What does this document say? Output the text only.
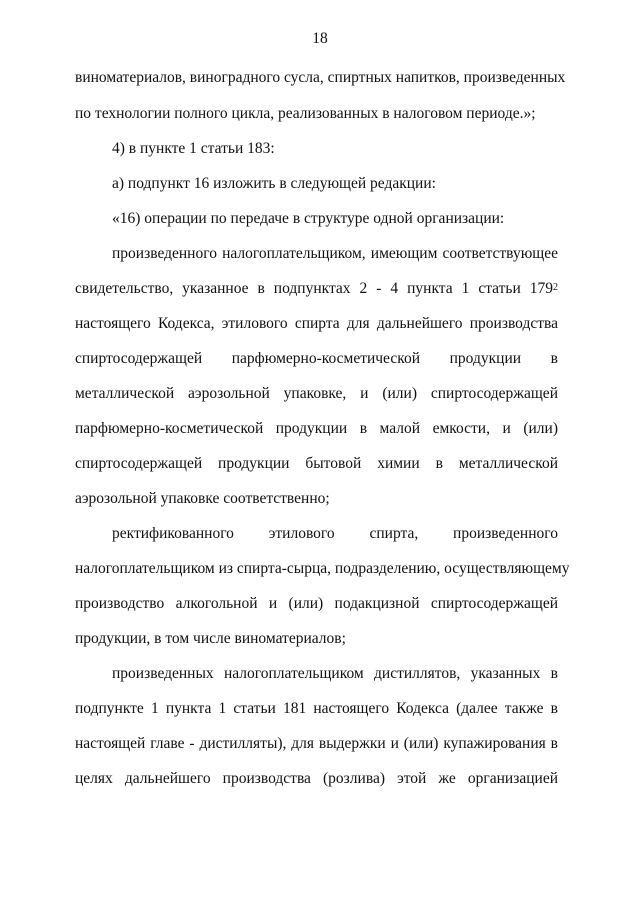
18
виноматериалов, виноградного сусла, спиртных напитков, произведенных
по технологии полного цикла, реализованных в налоговом периоде.»;
4) в пункте 1 статьи 183:
а) подпункт 16 изложить в следующей редакции:
«16) операции по передаче в структуре одной организации:
произведенного налогоплательщиком, имеющим соответствующее
свидетельство, указанное в подпунктах 2 - 4 пункта 1 статьи $179^2$
настоящего Кодекса, этилового спирта для дальнейшего производства
спиртосодержащей парфюмерно-косметической продукции в
металлической аэрозольной упаковке, и (или) спиртосодержащей
парфюмерно-косметической продукции в малой емкости, и (или)
спиртосодержащей продукции бытовой химии в металлической
аэрозольной упаковке соответственно;
ректификованного этилового спирта, произведенного
налогоплательщиком из спирта-сырца, подразделению, осуществляющему
производство алкогольной и (или) подакцизной спиртосодержащей
продукции, в том числе виноматериалов;
произведенных налогоплательщиком дистиллятов, указанных в
подпункте 1 пункта 1 статьи 181 настоящего Кодекса (далее также в
настоящей главе - дистилляты), для выдержки и (или) купажирования в
целях дальнейшего производства (розлива) этой же организацией
